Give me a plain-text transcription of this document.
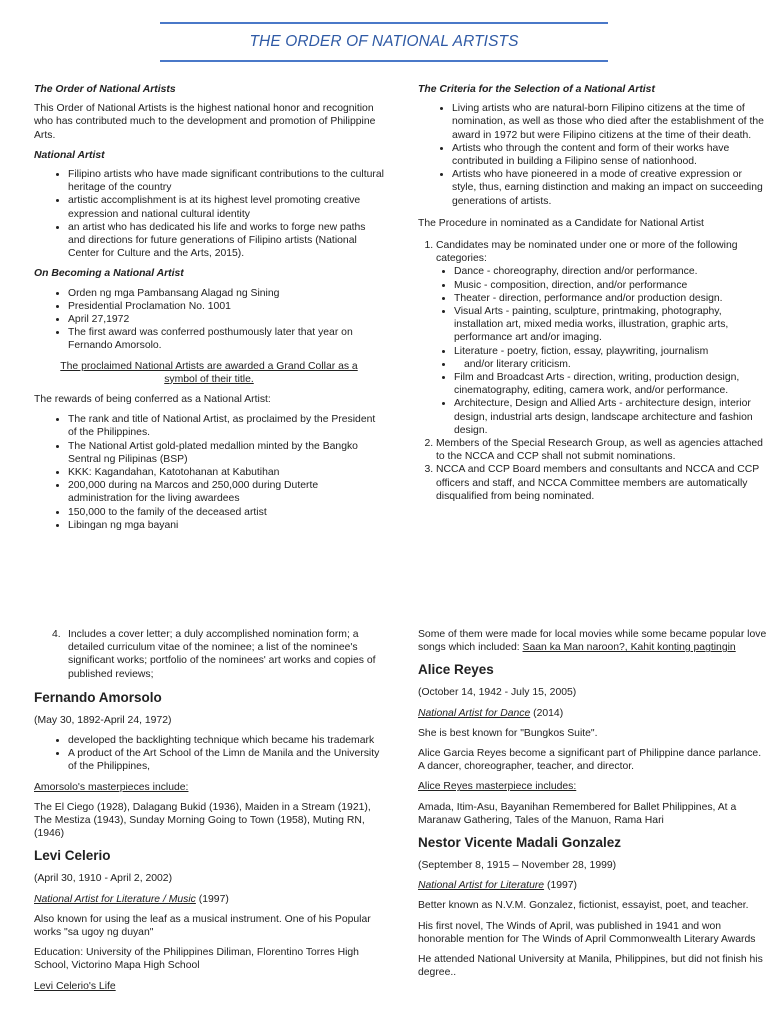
THE ORDER OF NATIONAL ARTISTS

The Order of National Artists

This Order of National Artists is the highest national honor and recognition who has contributed much to the development and promotion of Philippine Arts.

National Artist

• Filipino artists who have made significant contributions to the cultural heritage of the country
• artistic accomplishment is at its highest level promoting creative expression and national cultural identity
• an artist who has dedicated his life and works to forge new paths and directions for future generations of Filipino artists (National Center for Culture and the Arts, 2015).

On Becoming a National Artist

• Orden ng mga Pambansang Alagad ng Sining
• Presidential Proclamation No. 1001
• April 27,1972
• The first award was conferred posthumously later that year on Fernando Amorsolo.

The proclaimed National Artists are awarded a Grand Collar as a symbol of their title.

The rewards of being conferred as a National Artist:

• The rank and title of National Artist, as proclaimed by the President of the Philippines.
• The National Artist gold-plated medallion minted by the Bangko Sentral ng Pilipinas (BSP)
• KKK: Kagandahan, Katotohanan at Kabutihan
• 200,000 during na Marcos and 250,000 during Duterte administration for the living awardees
• 150,000 to the family of the deceased artist
• Libingan ng mga bayani

The Criteria for the Selection of a National Artist

• Living artists who are natural-born Filipino citizens at the time of nomination, as well as those who died after the establishment of the award in 1972 but were Filipino citizens at the time of their death.
• Artists who through the content and form of their works have contributed in building a Filipino sense of nationhood.
• Artists who have pioneered in a mode of creative expression or style, thus, earning distinction and making an impact on succeeding generations of artists.

The Procedure in nominated as a Candidate for National Artist

1. Candidates may be nominated under one or more of the following categories:
• Dance - choreography, direction and/or performance.
• Music - composition, direction, and/or performance
• Theater - direction, performance and/or production design.
• Visual Arts - painting, sculpture, printmaking, photography, installation art, mixed media works, illustration, graphic arts, performance art and/or imaging.
• Literature - poetry, fiction, essay, playwriting, journalism
• and/or literary criticism.
• Film and Broadcast Arts - direction, writing, production design, cinematography, editing, camera work, and/or performance.
• Architecture, Design and Allied Arts - architecture design, interior design, industrial arts design, landscape architecture and fashion design.
2. Members of the Special Research Group, as well as agencies attached to the NCCA and CCP shall not submit nominations.
3. NCCA and CCP Board members and consultants and NCCA and CCP officers and staff, and NCCA Committee members are automatically disqualified from being nominated.
4. Includes a cover letter; a duly accomplished nomination form; a detailed curriculum vitae of the nominee; a list of the nominee's significant works; portfolio of the nominees' art works and copies of published reviews;
Fernando Amorsolo

(May 30, 1892-April 24, 1972)

• developed the backlighting technique which became his trademark
• A product of the Art School of the Limn de Manila and the University of the Philippines,

Amorsolo's masterpieces include:

The El Ciego (1928), Dalagang Bukid (1936), Maiden in a Stream (1921), The Mestiza (1943), Sunday Morning Going to Town (1958), Muting RN, (1946)

Levi Celerio

(April 30, 1910 - April 2, 2002)

National Artist for Literature / Music (1997)

Also known for using the leaf as a musical instrument. One of his Popular works "sa ugoy ng duyan"

Education: University of the Philippines Diliman, Florentino Torres High School, Victorino Mapa High School

Levi Celerio's Life

Some of them were made for local movies while some became popular love songs which included: Saan ka Man naroon?, Kahit konting pagtingin

Alice Reyes

(October 14, 1942 - July 15, 2005)

National Artist for Dance (2014)

She is best known for "Bungkos Suite".

Alice Garcia Reyes become a significant part of Philippine dance parlance. A dancer, choreographer, teacher, and director.

Alice Reyes masterpiece includes:

Amada, Itim-Asu, Bayanihan Remembered for Ballet Philippines, At a Maranaw Gathering, Tales of the Manuon, Rama Hari

Nestor Vicente Madali Gonzalez

(September 8, 1915 – November 28, 1999)

National Artist for Literature (1997)

Better known as N.V.M. Gonzalez, fictionist, essayist, poet, and teacher.

His first novel, The Winds of April, was published in 1941 and won honorable mention for The Winds of April Commonwealth Literary Awards

He attended National University at Manila, Philippines, but did not finish his degree..
